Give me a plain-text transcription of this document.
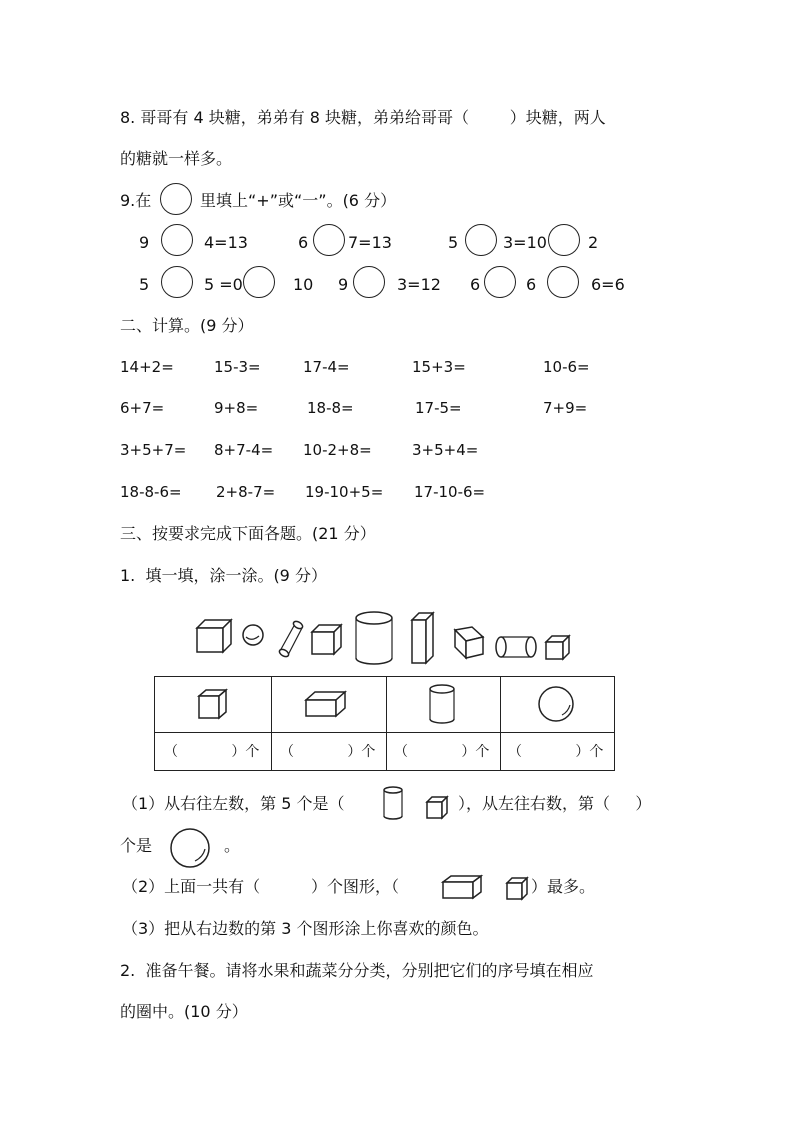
8. 哥哥有 4 块糖，弟弟有 8 块糖，弟弟给哥哥（        ）块糖，两人
的糖就一样多。
9.在	里填上“+”或“一”。(6 分）
9	4=13	6 7=13	5	3=10	2
5	5 =0	10 9	3=12 6	6	6=6
二、计算。(9 分）
14+2=	15-3=	17-4=	15+3=	10-6=
6+7=	9+8=	18-8=	17-5=	7+9=
3+5+7= 8+7-4= 10-2+8=	3+5+4=
18-8-6= 2+8-7= 19-10+5= 17-10-6=
三、按要求完成下面各题。(21 分）
1.  填一填，涂一涂。(9 分）
（            ）个 （            ）个 （            ）个 （            ）个
（1）从右往左数，第 5 个是（	），从左往右数，第（     ）
个是	。
（2）上面一共有（          ）个图形，（	）最多。
（3）把从右边数的第 3 个图形涂上你喜欢的颜色。
2.  准备午餐。请将水果和蔬菜分分类，分别把它们的序号填在相应
的圈中。(10 分）
